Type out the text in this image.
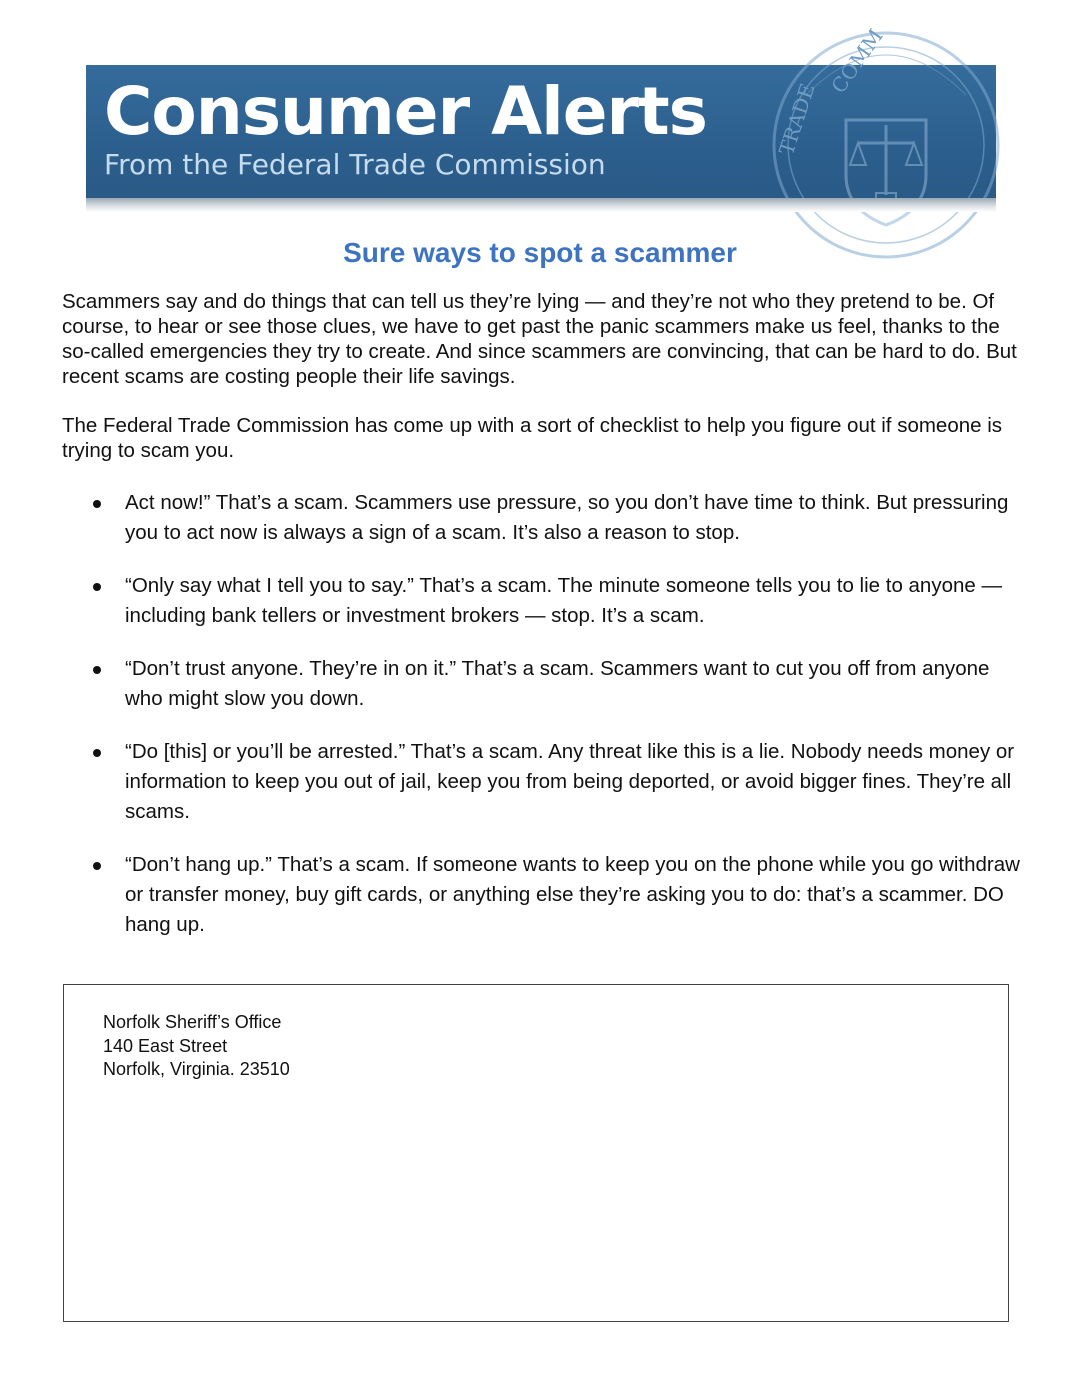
Consumer Alerts
From the Federal Trade Commission
TRADE
COMM
Sure ways to spot a scammer

Scammers say and do things that can tell us they’re lying — and they’re not who they pretend to be. Of course, to hear or see those clues, we have to get past the panic scammers make us feel, thanks to the so-called emergencies they try to create. And since scammers are convincing, that can be hard to do. But recent scams are costing people their life savings.

The Federal Trade Commission has come up with a sort of checklist to help you figure out if someone is trying to scam you.

Act now!” That’s a scam. Scammers use pressure, so you don’t have time to think. But pressuring you to act now is always a sign of a scam. It’s also a reason to stop.
“Only say what I tell you to say.” That’s a scam. The minute someone tells you to lie to anyone — including bank tellers or investment brokers — stop. It’s a scam.
“Don’t trust anyone. They’re in on it.” That’s a scam. Scammers want to cut you off from anyone who might slow you down.
“Do [this] or you’ll be arrested.” That’s a scam. Any threat like this is a lie. Nobody needs money or information to keep you out of jail, keep you from being deported, or avoid bigger fines. They’re all scams.
“Don’t hang up.” That’s a scam. If someone wants to keep you on the phone while you go withdraw or transfer money, buy gift cards, or anything else they’re asking you to do: that’s a scammer. DO hang up.
Norfolk Sheriff’s Office
140 East Street
Norfolk, Virginia. 23510
